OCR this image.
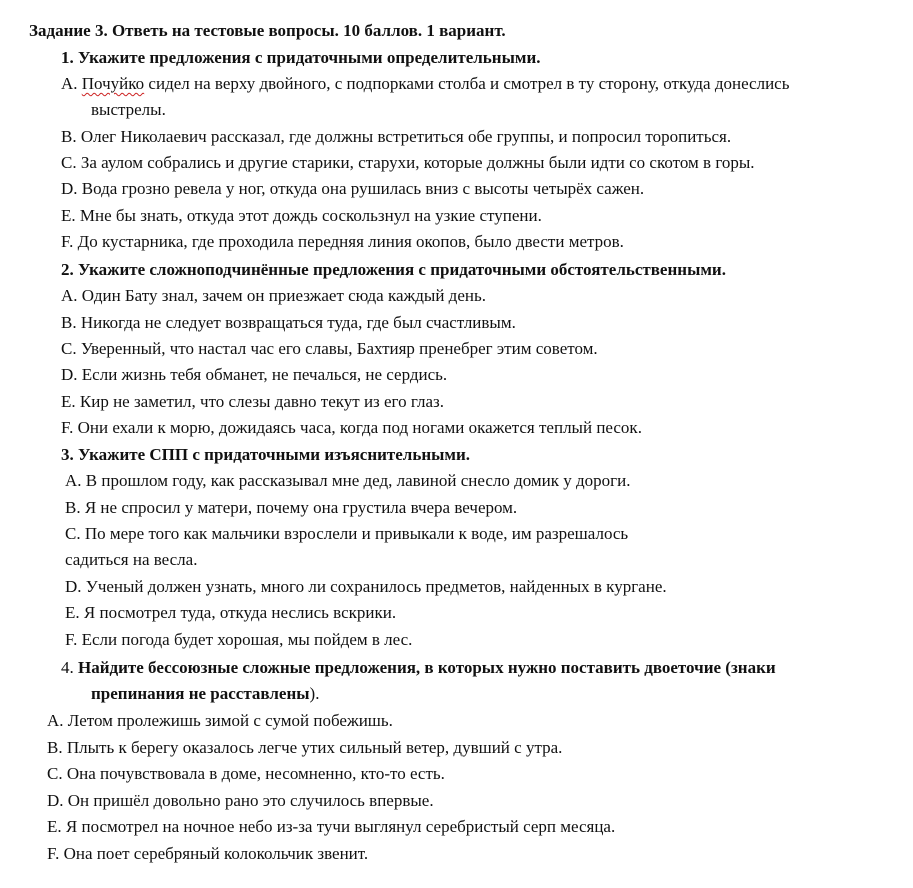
Задание 3. Ответь на тестовые вопросы. 10 баллов. 1 вариант.
1. Укажите предложения с придаточными определительными.
A. Почуйко сидел на верху двойного, с подпорками столба и смотрел в ту сторону, откуда донеслись
выстрелы.
B. Олег Николаевич рассказал, где должны встретиться обе группы, и попросил торопиться.
C. За аулом собрались и другие старики, старухи, которые должны были идти со скотом в горы.
D. Вода грозно ревела у ног, откуда она рушилась вниз с высоты четырёх сажен.
E. Мне бы знать, откуда этот дождь соскользнул на узкие ступени.
F. До кустарника, где проходила передняя линия окопов, было двести метров.
2. Укажите сложноподчинённые предложения с придаточными обстоятельственными.
A. Один Бату знал, зачем он приезжает сюда каждый день.
B. Никогда не следует возвращаться туда, где был счастливым.
C. Уверенный, что настал час его славы, Бахтияр пренебрег этим советом.
D. Если жизнь тебя обманет, не печалься, не сердись.
E. Кир не заметил, что слезы давно текут из его глаз.
F. Они ехали к морю, дожидаясь часа, когда под ногами окажется теплый песок.
3. Укажите СПП с придаточными изъяснительными.
A. В прошлом году, как рассказывал мне дед, лавиной снесло домик у дороги.
B. Я не спросил у матери, почему она грустила вчера вечером.
C. По мере того как мальчики взрослели и привыкали к воде, им разрешалось
садиться на весла.
D. Ученый должен узнать, много ли сохранилось предметов, найденных в кургане.
E. Я посмотрел туда, откуда неслись вскрики.
F. Если погода будет хорошая, мы пойдем в лес.
4. Найдите бессоюзные сложные предложения, в которых нужно поставить двоеточие (знаки
препинания не расставлены).
A. Летом пролежишь зимой с сумой побежишь.
B. Плыть к берегу оказалось легче утих сильный ветер, дувший с утра.
C. Она почувствовала в доме, несомненно, кто-то есть.
D. Он пришёл довольно рано это случилось впервые.
E. Я посмотрел на ночное небо из-за тучи выглянул серебристый серп месяца.
F. Она поет серебряный колокольчик звенит.
